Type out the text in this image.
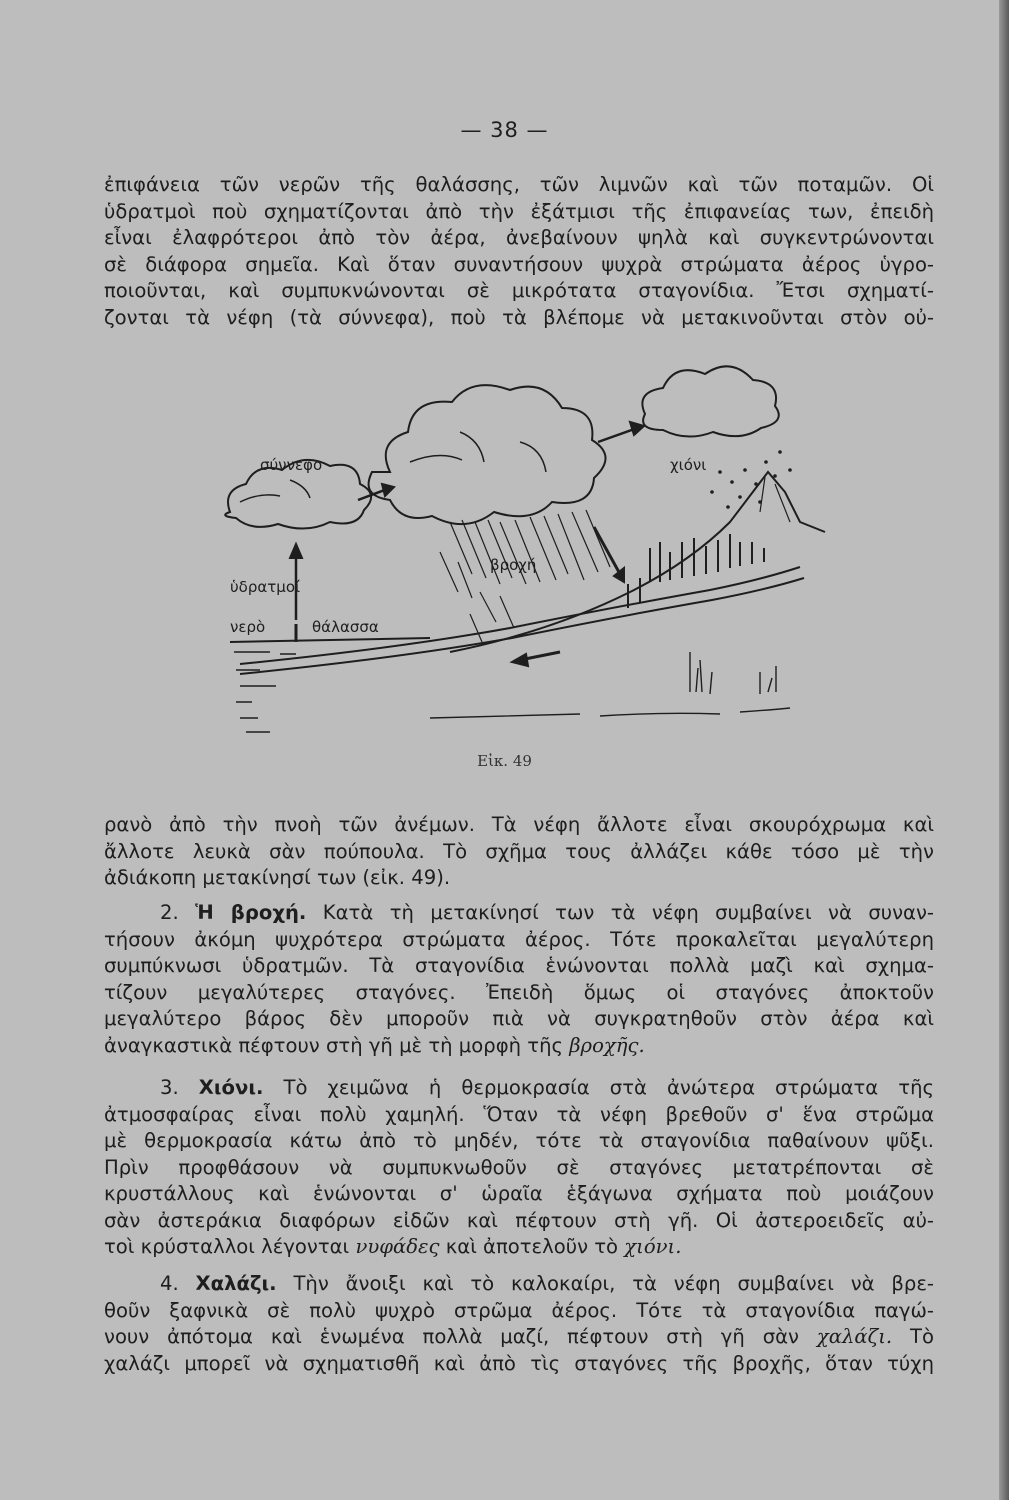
— 38 —

ἐπιφάνεια τῶν νερῶν τῆς θαλάσσης, τῶν λιμνῶν καὶ τῶν ποταμῶν. Οἱ
ὑδρατμοὶ ποὺ σχηματίζονται ἀπὸ τὴν ἐξάτμισι τῆς ἐπιφανείας των, ἐπειδὴ
εἶναι ἐλαφρότεροι ἀπὸ τὸν ἀέρα, ἀνεβαίνουν ψηλὰ καὶ συγκεντρώνονται
σὲ διάφορα σημεῖα. Καὶ ὅταν συναντήσουν ψυχρὰ στρώματα ἀέρος ὑγρο-
ποιοῦνται, καὶ συμπυκνώνονται σὲ μικρότατα σταγονίδια. Ἔτσι σχηματί-
ζονται τὰ νέφη (τὰ σύννεφα), ποὺ τὰ βλέπομε νὰ μετακινοῦνται στὸν οὐ-

σύννεφο	χιόνι
βροχή
ὑδρατμοί
νερὸ	θάλασσα
Εἰκ. 49

ρανὸ ἀπὸ τὴν πνοὴ τῶν ἀνέμων. Τὰ νέφη ἄλλοτε εἶναι σκουρόχρωμα καὶ
ἄλλοτε λευκὰ σὰν πούπουλα. Τὸ σχῆμα τους ἀλλάζει κάθε τόσο μὲ τὴν
ἀδιάκοπη μετακίνησί των (εἰκ. 49).

2. Ἡ βροχή. Κατὰ τὴ μετακίνησί των τὰ νέφη συμβαίνει νὰ συναν-
τήσουν ἀκόμη ψυχρότερα στρώματα ἀέρος. Τότε προκαλεῖται μεγαλύτερη
συμπύκνωσι ὑδρατμῶν. Τὰ σταγονίδια ἑνώνονται πολλὰ μαζὶ καὶ σχημα-
τίζουν μεγαλύτερες σταγόνες. Ἐπειδὴ ὅμως οἱ σταγόνες ἀποκτοῦν
μεγαλύτερο βάρος δὲν μποροῦν πιὰ νὰ συγκρατηθοῦν στὸν ἀέρα καὶ
ἀναγκαστικὰ πέφτουν στὴ γῆ μὲ τὴ μορφὴ τῆς βροχῆς.

3. Χιόνι. Τὸ χειμῶνα ἡ θερμοκρασία στὰ ἀνώτερα στρώματα τῆς
ἀτμοσφαίρας εἶναι πολὺ χαμηλή. Ὅταν τὰ νέφη βρεθοῦν σ' ἕνα στρῶμα
μὲ θερμοκρασία κάτω ἀπὸ τὸ μηδέν, τότε τὰ σταγονίδια παθαίνουν ψῦξι.
Πρὶν προφθάσουν νὰ συμπυκνωθοῦν σὲ σταγόνες μετατρέπονται σὲ
κρυστάλλους καὶ ἑνώνονται σ' ὡραῖα ἑξάγωνα σχήματα ποὺ μοιάζουν
σὰν ἀστεράκια διαφόρων εἰδῶν καὶ πέφτουν στὴ γῆ. Οἱ ἀστεροειδεῖς αὐ-
τοὶ κρύσταλλοι λέγονται νυφάδες καὶ ἀποτελοῦν τὸ χιόνι.

4. Χαλάζι. Τὴν ἄνοιξι καὶ τὸ καλοκαίρι, τὰ νέφη συμβαίνει νὰ βρε-
θοῦν ξαφνικὰ σὲ πολὺ ψυχρὸ στρῶμα ἀέρος. Τότε τὰ σταγονίδια παγώ-
νουν ἀπότομα καὶ ἑνωμένα πολλὰ μαζί, πέφτουν στὴ γῆ σὰν χαλάζι. Τὸ
χαλάζι μπορεῖ νὰ σχηματισθῆ καὶ ἀπὸ τὶς σταγόνες τῆς βροχῆς, ὅταν τύχη
